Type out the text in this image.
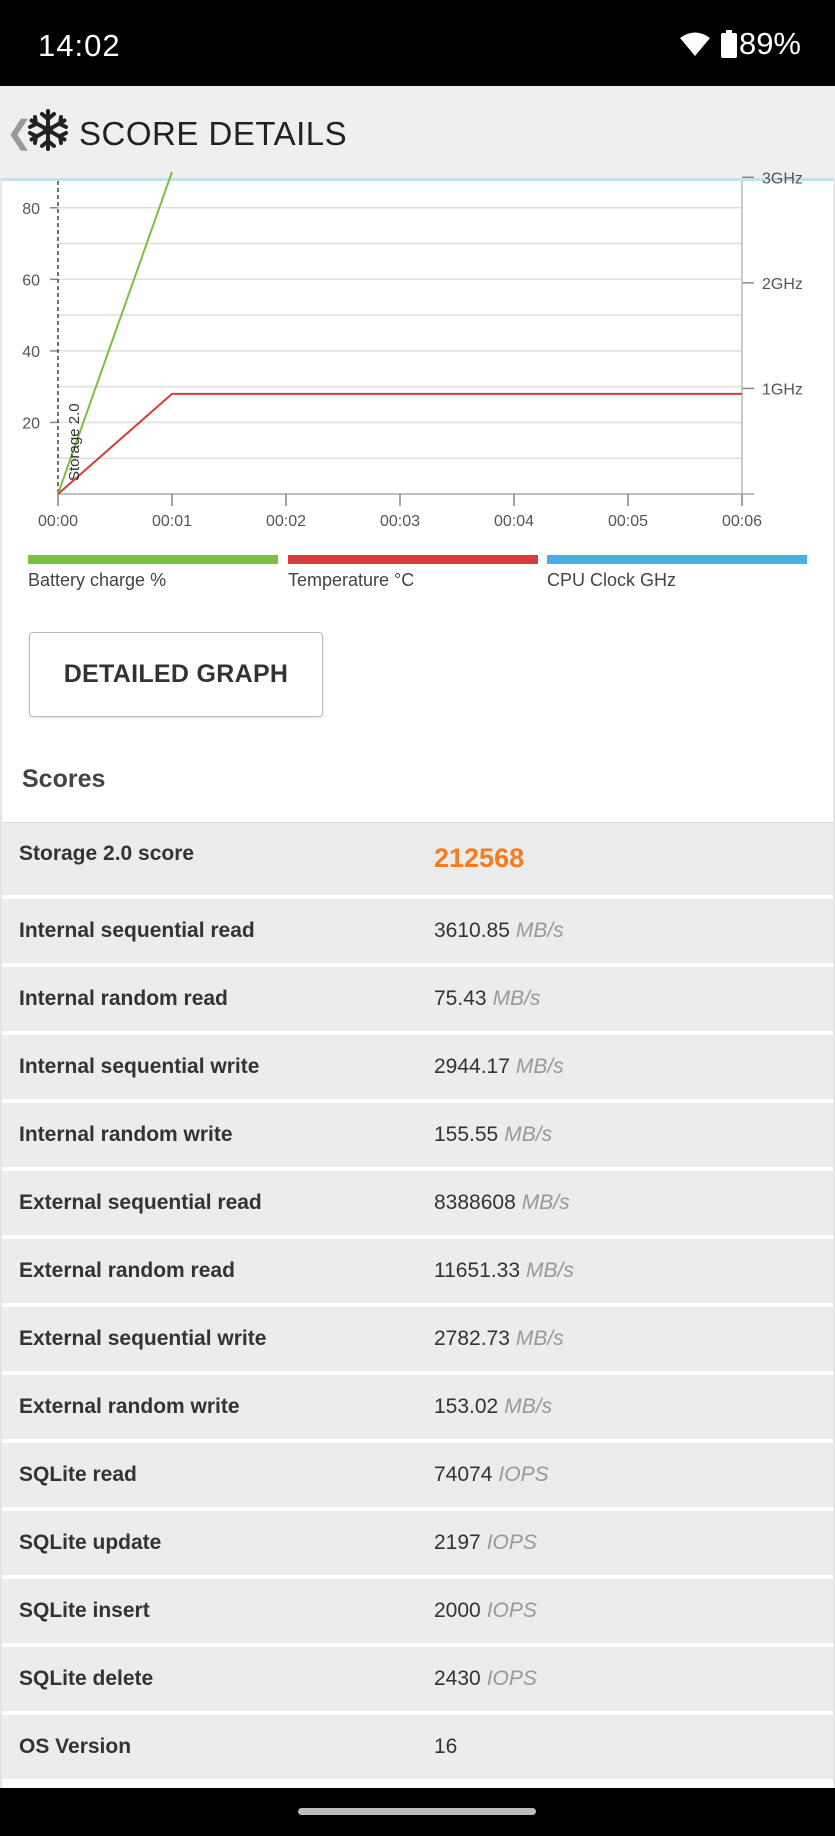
14:02	89%
❮ SCORE DETAILS
20
40
60
80
1GHz
2GHz
3GHz
00:00	00:01	00:02	00:03	00:04	00:05	00:06
Storage 2.0
Battery charge %	Temperature °C	CPU Clock GHz
DETAILED GRAPH
Scores
Storage 2.0 score	212568
Internal sequential read	3610.85 MB/s
Internal random read	75.43 MB/s
Internal sequential write	2944.17 MB/s
Internal random write	155.55 MB/s
External sequential read	8388608 MB/s
External random read	11651.33 MB/s
External sequential write	2782.73 MB/s
External random write	153.02 MB/s
SQLite read	74074 IOPS
SQLite update	2197 IOPS
SQLite insert	2000 IOPS
SQLite delete	2430 IOPS
OS Version	16
